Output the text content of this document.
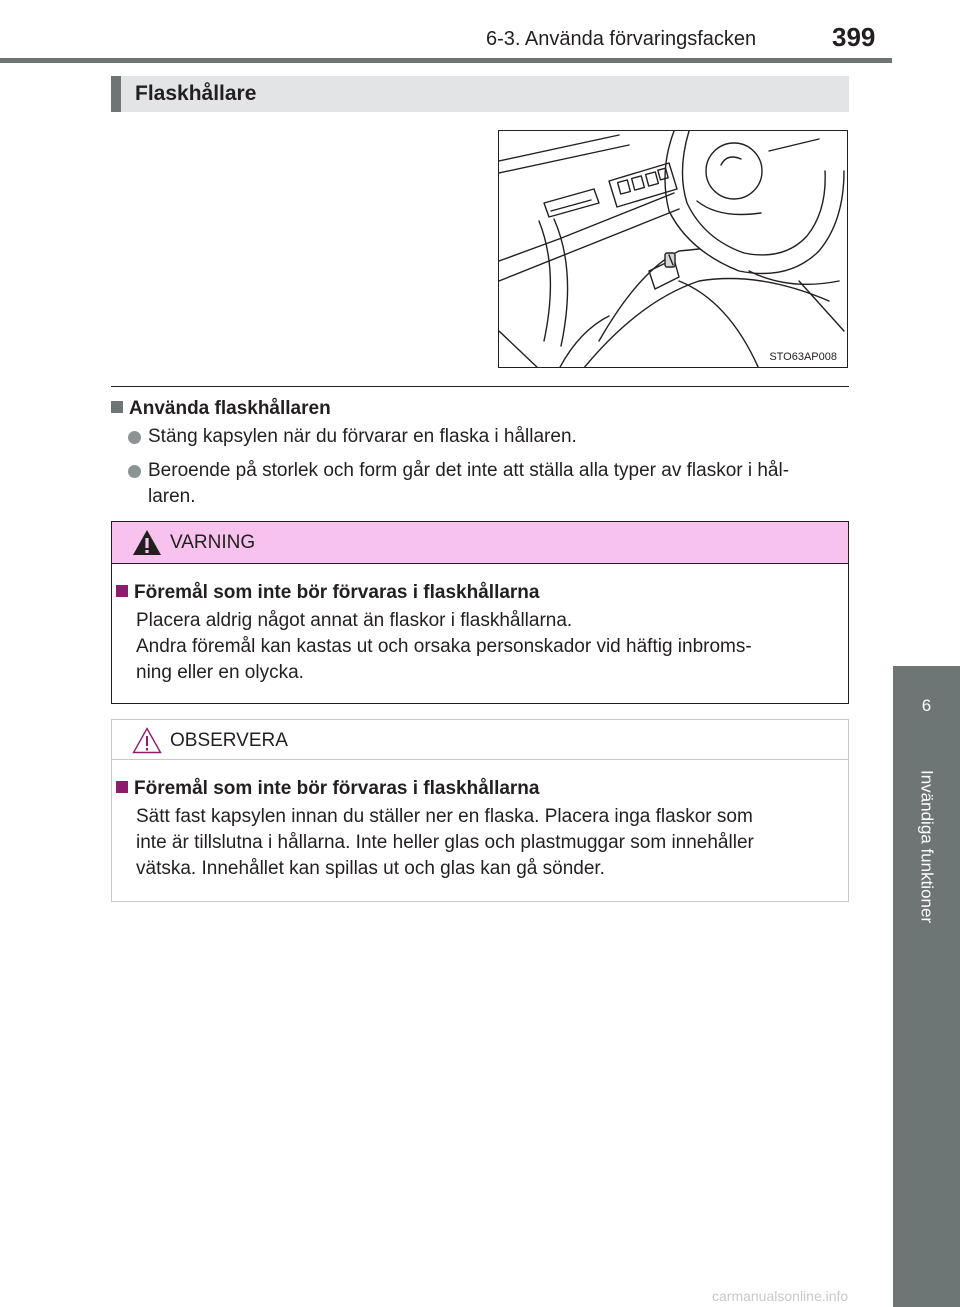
6-3. Använda förvaringsfacken	399
6
Invändiga funktioner
Flaskhållare
STO63AP008
Använda flaskhållaren
Stäng kapsylen när du förvarar en flaska i hållaren.
Beroende på storlek och form går det inte att ställa alla typer av flaskor i hål-
laren.
VARNING
Föremål som inte bör förvaras i flaskhållarna
Placera aldrig något annat än flaskor i flaskhållarna.
Andra föremål kan kastas ut och orsaka personskador vid häftig inbroms-
ning eller en olycka.
OBSERVERA
Föremål som inte bör förvaras i flaskhållarna
Sätt fast kapsylen innan du ställer ner en flaska. Placera inga flaskor som
inte är tillslutna i hållarna. Inte heller glas och plastmuggar som innehåller
vätska. Innehållet kan spillas ut och glas kan gå sönder.
carmanualsonline.info
